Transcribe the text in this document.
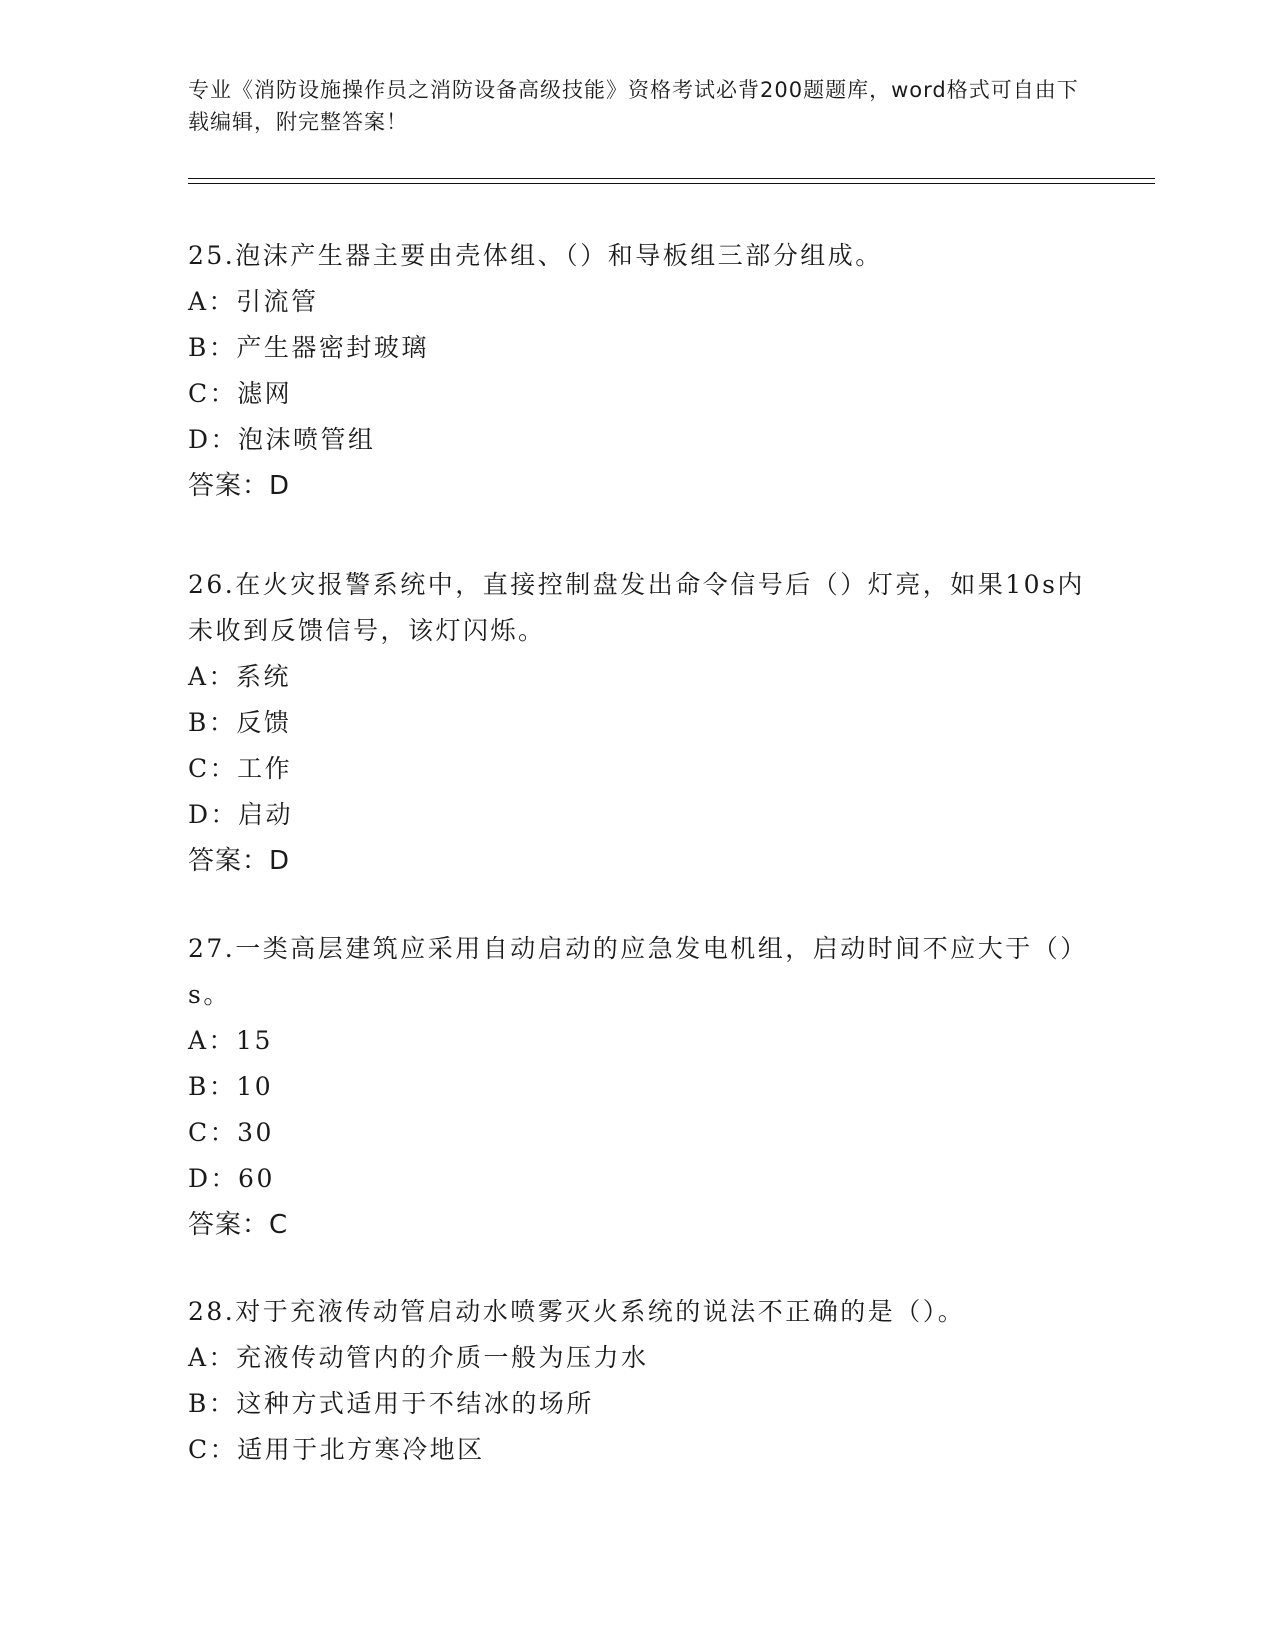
专业《消防设施操作员之消防设备高级技能》资格考试必背200题题库，word格式可自由下载编辑，附完整答案！
25.泡沫产生器主要由壳体组、（）和导板组三部分组成。
A：引流管
B：产生器密封玻璃
C：滤网
D：泡沫喷管组
答案：D
26.在火灾报警系统中，直接控制盘发出命令信号后（）灯亮，如果10s内未收到反馈信号，该灯闪烁。
A：系统
B：反馈
C：工作
D：启动
答案：D
27.一类高层建筑应采用自动启动的应急发电机组，启动时间不应大于（）s。
A：15
B：10
C：30
D：60
答案：C
28.对于充液传动管启动水喷雾灭火系统的说法不正确的是（）。
A：充液传动管内的介质一般为压力水
B：这种方式适用于不结冰的场所
C：适用于北方寒冷地区
